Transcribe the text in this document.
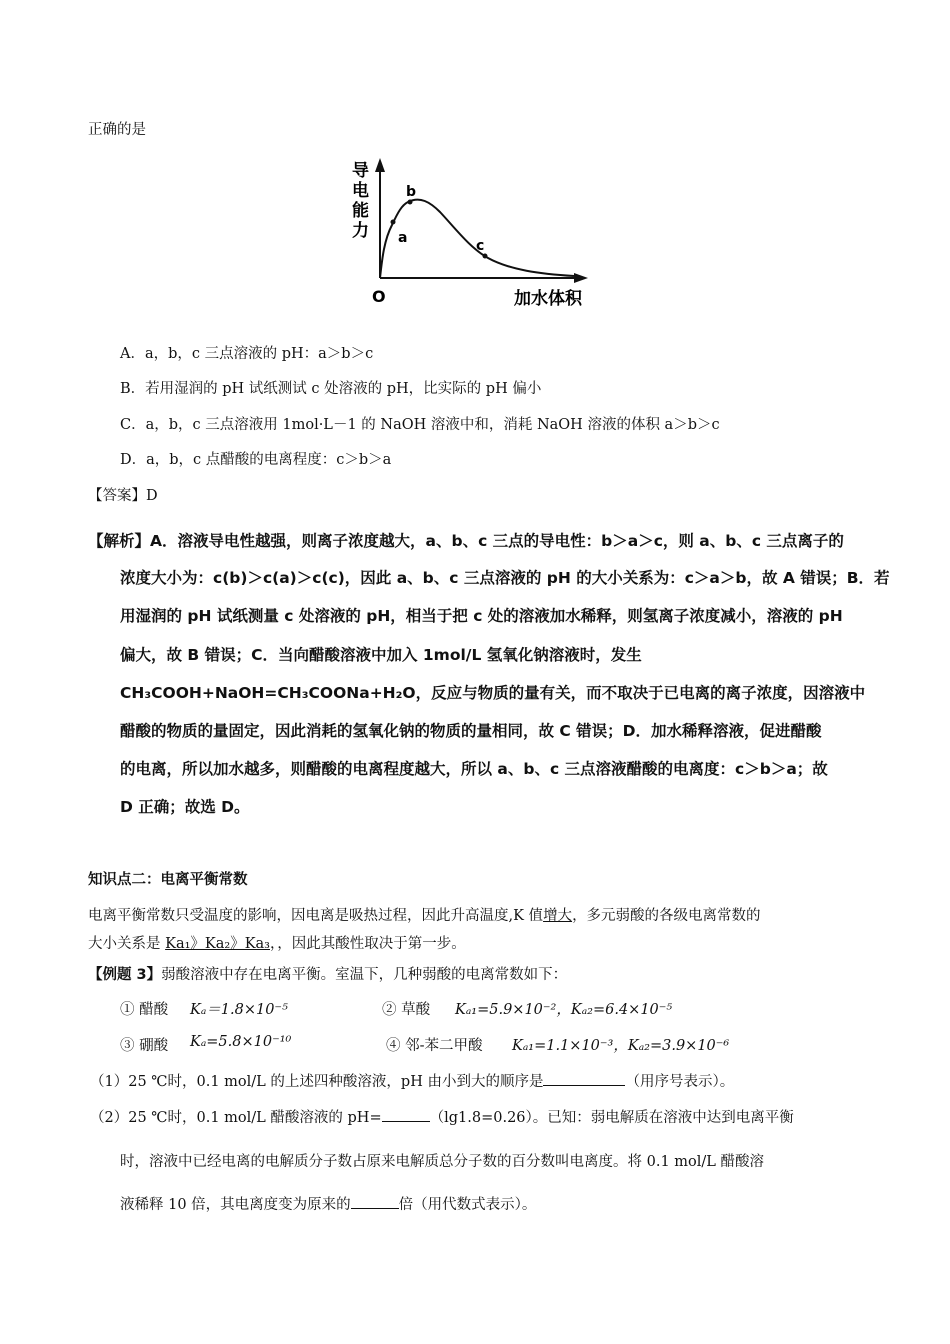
正确的是
导
电
能
力
O	加水体积
a
b
c
A．a，b，c 三点溶液的 pH：a＞b＞c
B．若用湿润的 pH 试纸测试 c 处溶液的 pH，比实际的 pH 偏小
C．a，b，c 三点溶液用 1mol·L－1 的 NaOH 溶液中和，消耗 NaOH 溶液的体积 a＞b＞c
D．a，b，c 点醋酸的电离程度：c＞b＞a
【答案】D
【解析】A．溶液导电性越强，则离子浓度越大，a、b、c 三点的导电性：b＞a＞c，则 a、b、c 三点离子的
浓度大小为：c(b)＞c(a)＞c(c)，因此 a、b、c 三点溶液的 pH 的大小关系为：c＞a＞b，故 A 错误；B．若
用湿润的 pH 试纸测量 c 处溶液的 pH，相当于把 c 处的溶液加水稀释，则氢离子浓度减小，溶液的 pH
偏大，故 B 错误；C．当向醋酸溶液中加入 1mol/L 氢氧化钠溶液时，发生
CH₃COOH+NaOH=CH₃COONa+H₂O，反应与物质的量有关，而不取决于已电离的离子浓度，因溶液中
醋酸的物质的量固定，因此消耗的氢氧化钠的物质的量相同，故 C 错误；D．加水稀释溶液，促进醋酸
的电离，所以加水越多，则醋酸的电离程度越大，所以 a、b、c 三点溶液醋酸的电离度：c＞b＞a；故
D 正确；故选 D。
知识点二：电离平衡常数
电离平衡常数只受温度的影响，因电离是吸热过程，因此升高温度,K 值增大，多元弱酸的各级电离常数的
大小关系是 Ka₁》Ka₂》Ka₃，，因此其酸性取决于第一步。
【例题 3】弱酸溶液中存在电离平衡。室温下，几种弱酸的电离常数如下：
① 醋酸 Kₐ＝1.8×10⁻⁵	② 草酸 Kₐ₁=5.9×10⁻²，Kₐ₂=6.4×10⁻⁵
③ 硼酸 Kₐ=5.8×10⁻¹⁰	④ 邻-苯二甲酸 Kₐ₁=1.1×10⁻³，Kₐ₂=3.9×10⁻⁶
（1）25 ℃时，0.1 mol/L 的上述四种酸溶液，pH 由小到大的顺序是	（用序号表示）。
（2）25 ℃时，0.1 mol/L 醋酸溶液的 pH=	（lg1.8=0.26）。已知：弱电解质在溶液中达到电离平衡
时，溶液中已经电离的电解质分子数占原来电解质总分子数的百分数叫电离度。将 0.1 mol/L 醋酸溶
液稀释 10 倍，其电离度变为原来的	倍（用代数式表示）。
